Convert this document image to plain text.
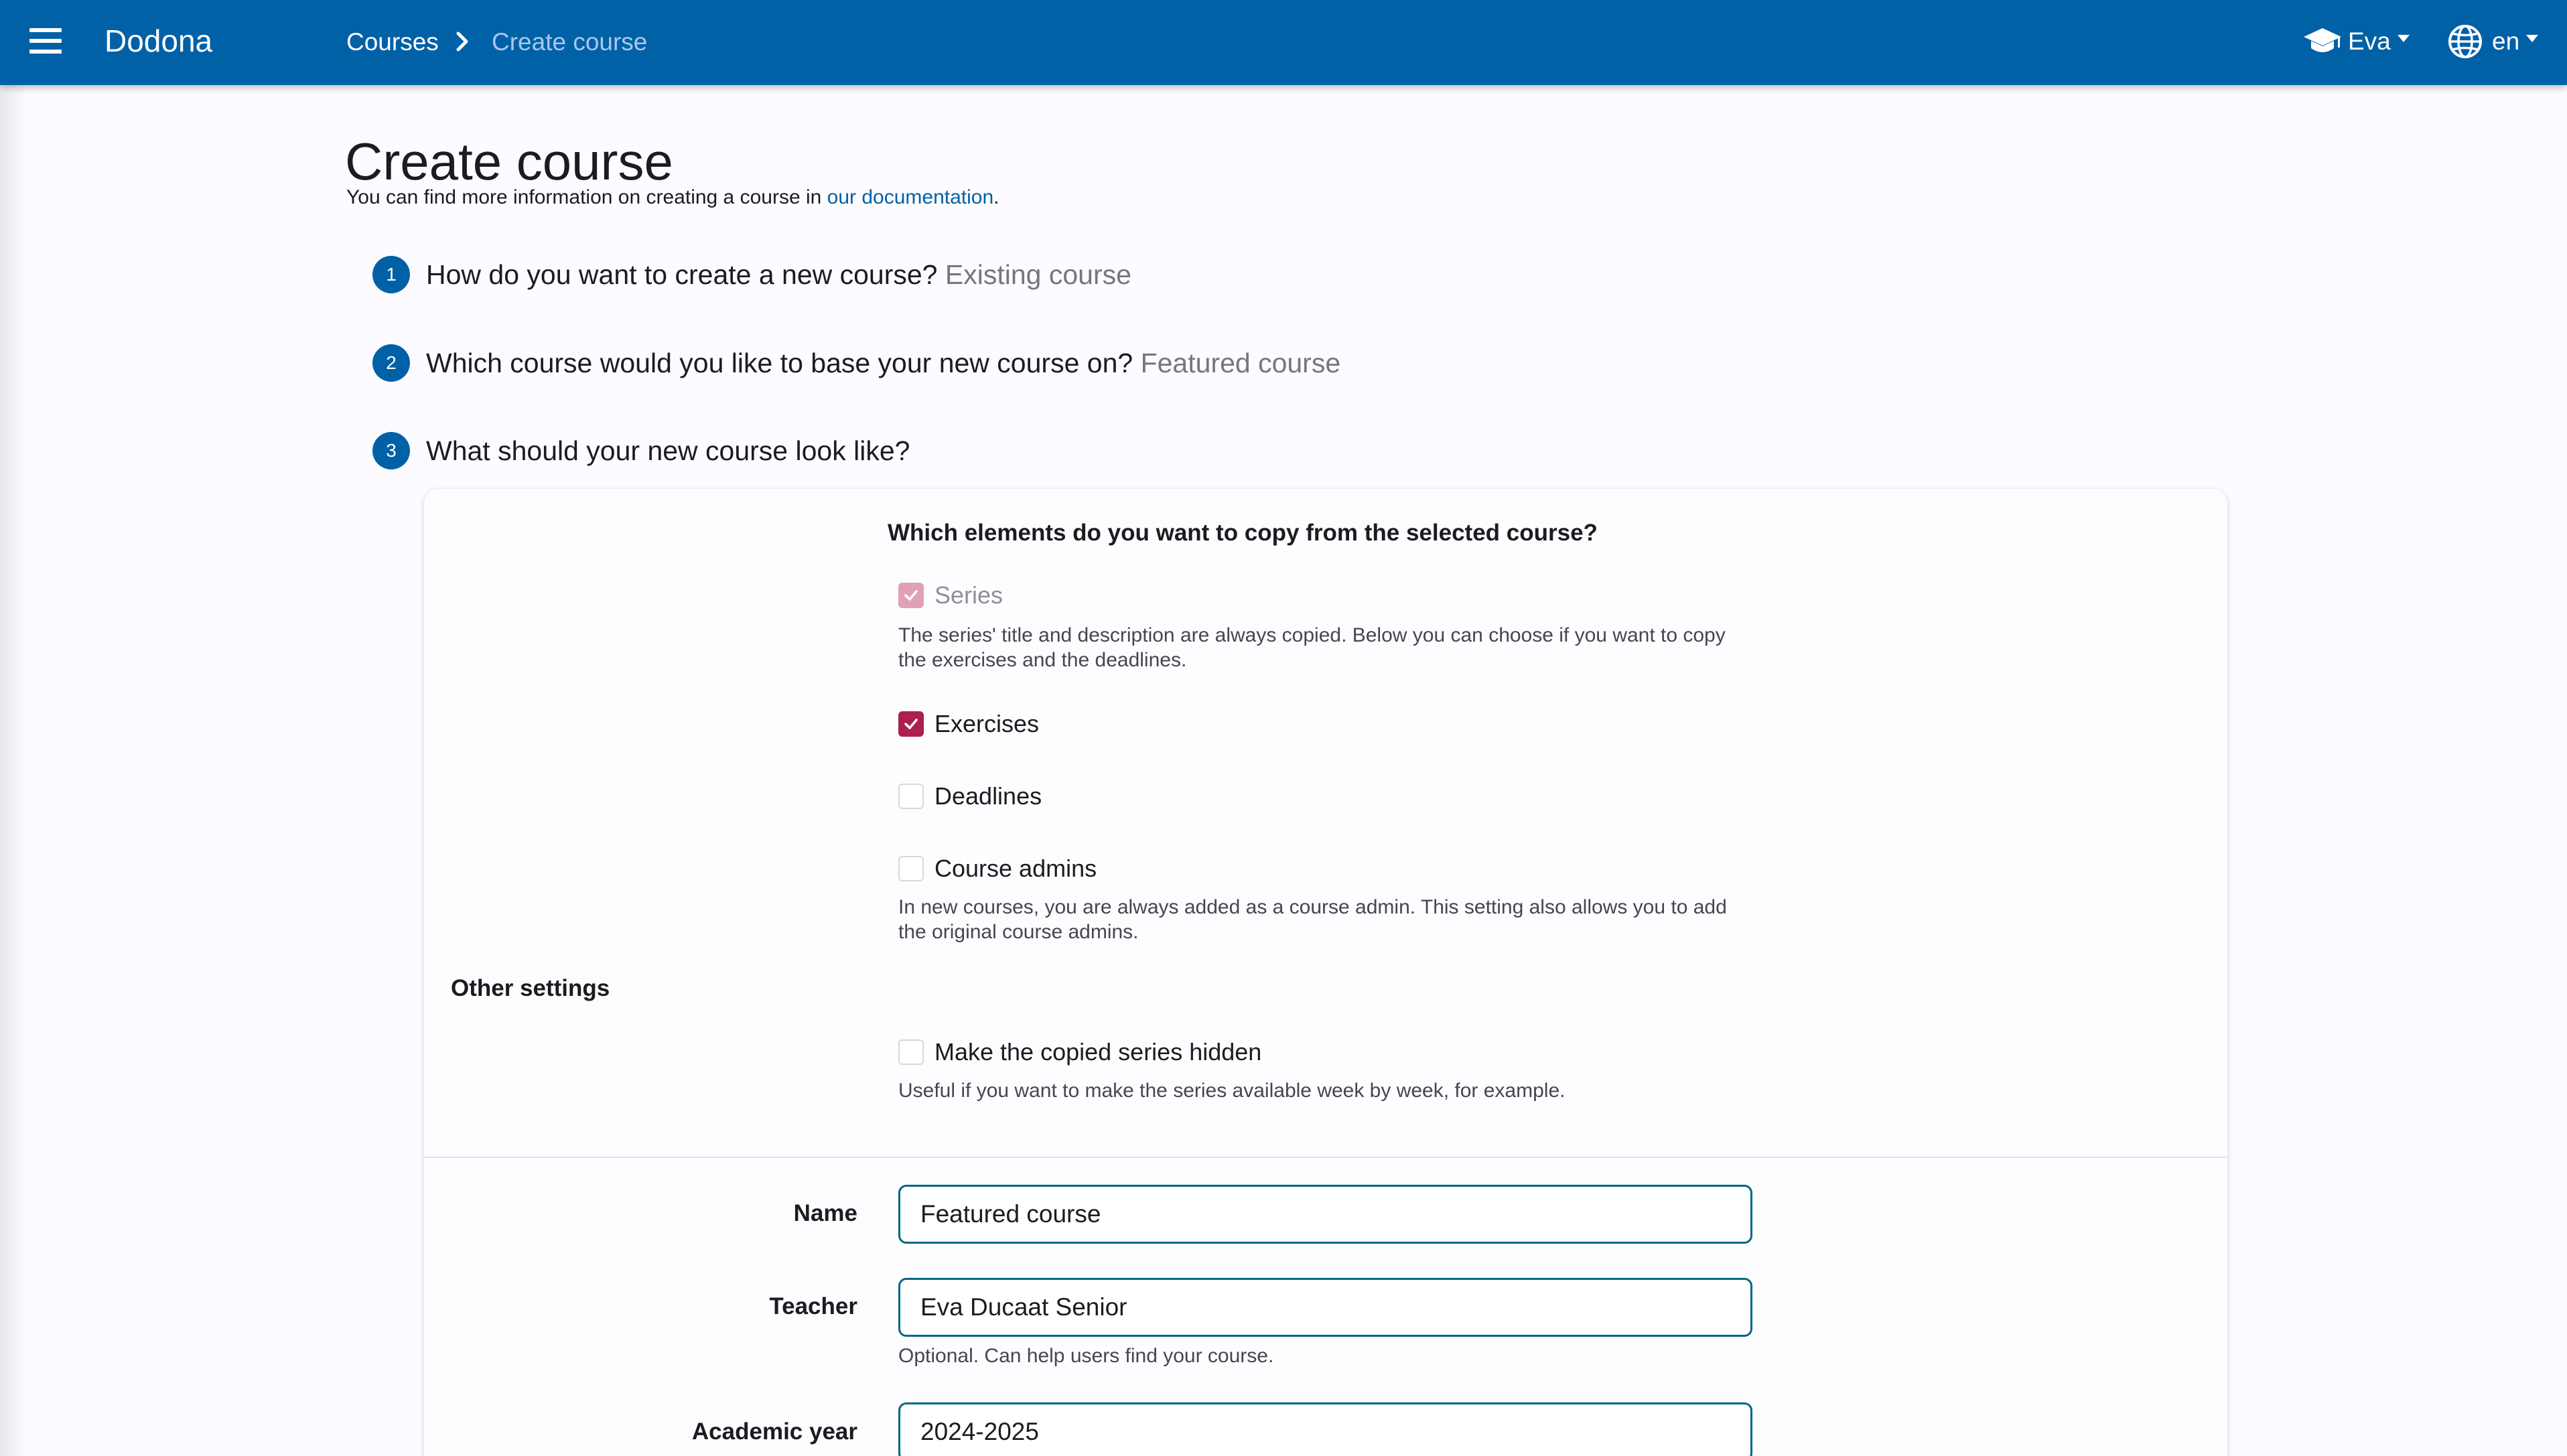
Dodona	Courses Create course	Eva	en
Create course
You can find more information on creating a course in our documentation.
1	How do you want to create a new course? Existing course
2	Which course would you like to base your new course on? Featured course
3	What should your new course look like?
Which elements do you want to copy from the selected course?
Series
The series' title and description are always copied. Below you can choose if you want to copy the exercises and the deadlines.
Exercises
Deadlines
Course admins
In new courses, you are always added as a course admin. This setting also allows you to add the original course admins.
Other settings
Make the copied series hidden
Useful if you want to make the series available week by week, for example.
Name	Featured course
Teacher	Eva Ducaat Senior
Optional. Can help users find your course.
Academic year	2024-2025
